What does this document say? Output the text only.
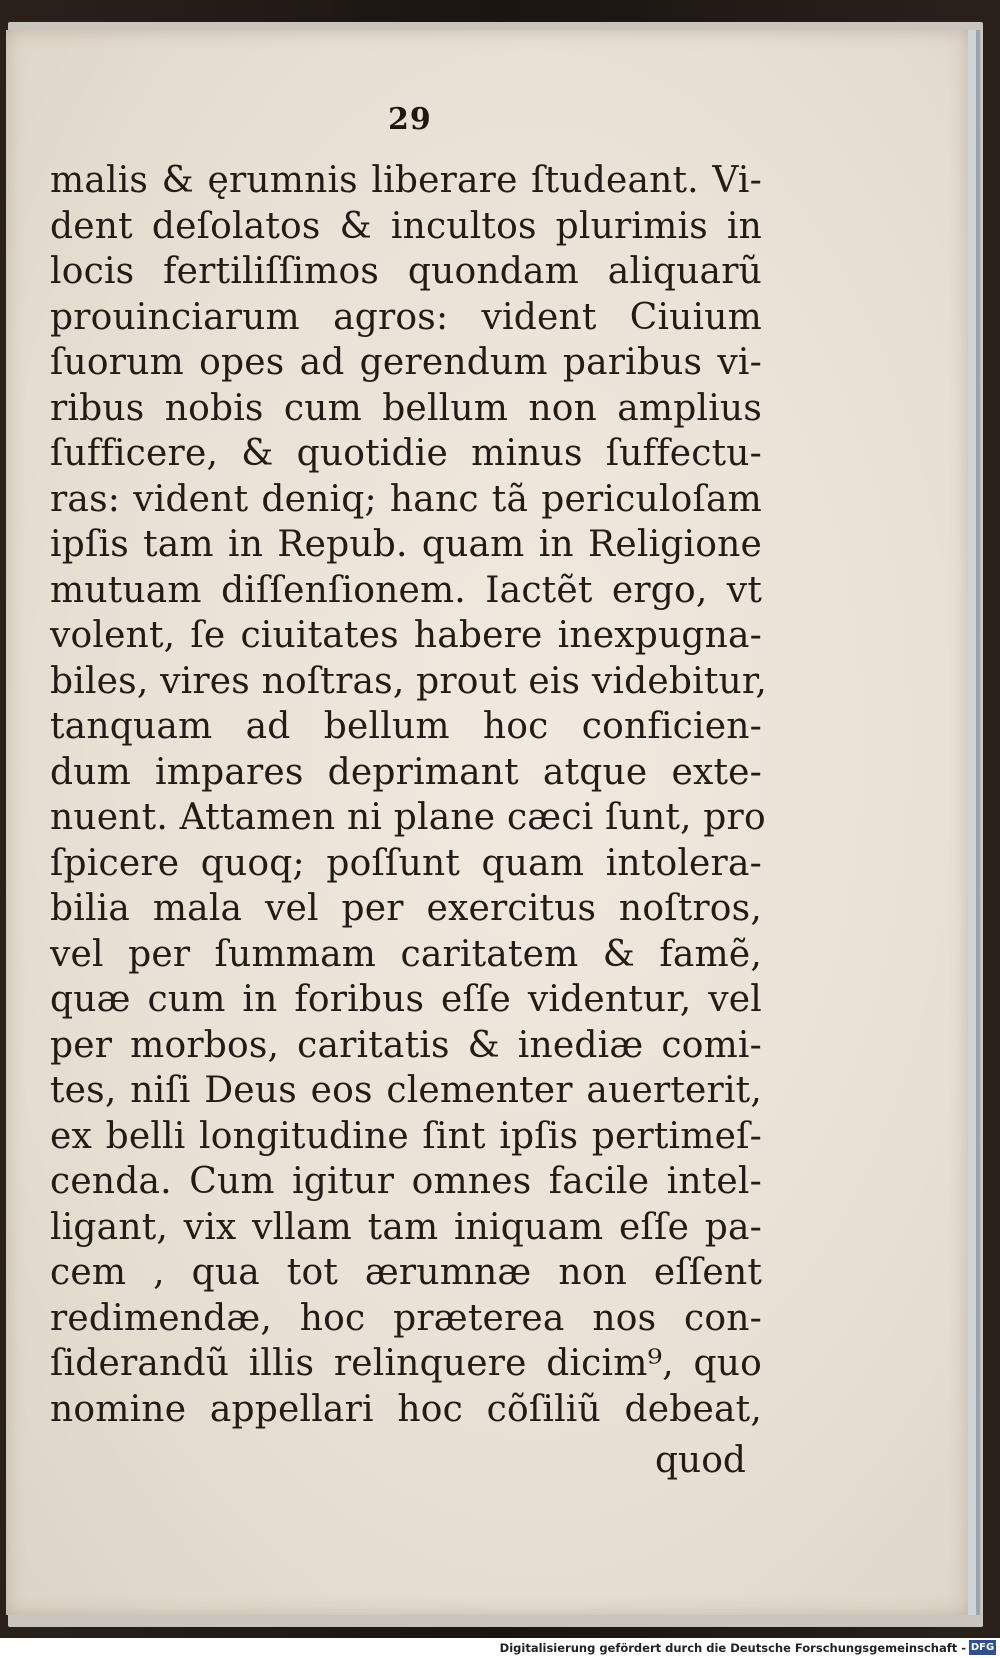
29
malis & ęrumnis liberare ſtudeant. Vi-
dent deſolatos & incultos plurimis in
locis fertiliſſimos quondam aliquarũ
prouinciarum agros: vident Ciuium
ſuorum opes ad gerendum paribus vi-
ribus nobis cum bellum non amplius
ſufficere, & quotidie minus ſuffectu-
ras: vident deniq; hanc tã periculoſam
ipſis tam in Repub. quam in Religione
mutuam diſſenſionem. Iactẽt ergo, vt
volent, ſe ciuitates habere inexpugna-
biles, vires noſtras, prout eis videbitur,
tanquam ad bellum hoc conficien-
dum impares deprimant atque exte-
nuent. Attamen ni plane cæci ſunt, pro
ſpicere quoq; poſſunt quam intolera-
bilia mala vel per exercitus noſtros,
vel per ſummam caritatem & famẽ,
quæ cum in foribus eſſe videntur, vel
per morbos, caritatis & inediæ comi-
tes, niſi Deus eos clementer auerterit,
ex belli longitudine ſint ipſis pertimeſ-
cenda. Cum igitur omnes facile intel-
ligant, vix vllam tam iniquam eſſe pa-
cem , qua tot ærumnæ non eſſent
redimendæ, hoc præterea nos con-
ſiderandũ illis relinquere dicim⁹, quo
nomine appellari hoc cõſiliũ debeat,
quod
Digitalisierung gefördert durch die Deutsche Forschungsgemeinschaft - DFG
